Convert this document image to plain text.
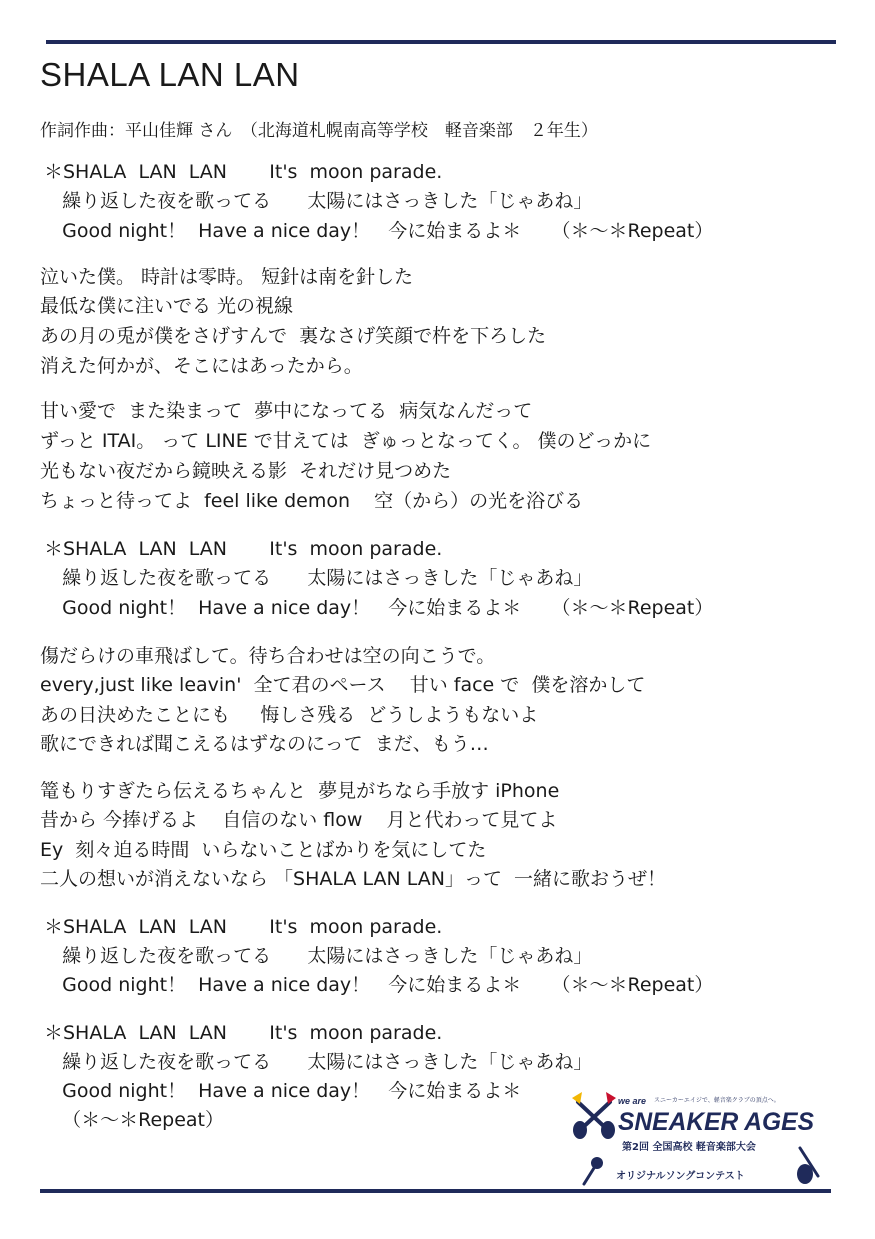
SHALA LAN LAN
作詞作曲：平山佳輝 さん　（北海道札幌南高等学校　軽音楽部　２年生）
＊SHALA  LAN  LAN       It's  moon parade.
繰り返した夜を歌ってる      太陽にはさっきした「じゃあね」
Good night！  Have a nice day！   今に始まるよ＊     （＊～＊Repeat）
泣いた僕。 時計は零時。 短針は南を針した
最低な僕に注いでる 光の視線
あの月の兎が僕をさげすんで  裏なさげ笑顔で杵を下ろした
消えた何かが、そこにはあったから。
甘い愛で  また染まって  夢中になってる  病気なんだって
ずっと ITAI。 って LINE で甘えては  ぎゅっとなってく。 僕のどっかに
光もない夜だから鏡映える影  それだけ見つめた
ちょっと待ってよ  feel like demon    空（から）の光を浴びる
＊SHALA  LAN  LAN       It's  moon parade.
繰り返した夜を歌ってる      太陽にはさっきした「じゃあね」
Good night！  Have a nice day！   今に始まるよ＊     （＊～＊Repeat）
傷だらけの車飛ばして。待ち合わせは空の向こうで。
every,just like leavin'  全て君のペース    甘い face で  僕を溶かして
あの日決めたことにも     悔しさ残る  どうしようもないよ
歌にできれば聞こえるはずなのにって  まだ、もう…
篭もりすぎたら伝えるちゃんと  夢見がちなら手放す iPhone
昔から 今捧げるよ    自信のない flow    月と代わって見てよ
Ey  刻々迫る時間  いらないことばかりを気にしてた
二人の想いが消えないなら 「SHALA LAN LAN」って  一緒に歌おうぜ！
＊SHALA  LAN  LAN       It's  moon parade.
繰り返した夜を歌ってる      太陽にはさっきした「じゃあね」
Good night！  Have a nice day！   今に始まるよ＊     （＊～＊Repeat）
＊SHALA  LAN  LAN       It's  moon parade.
繰り返した夜を歌ってる      太陽にはさっきした「じゃあね」
Good night！  Have a nice day！   今に始まるよ＊
（＊～＊Repeat）
we are スニーカーエイジで、軽音楽クラブの頂点へ。
SNEAKER AGES
第2回 全国高校 軽音楽部大会
オリジナルソングコンテスト
